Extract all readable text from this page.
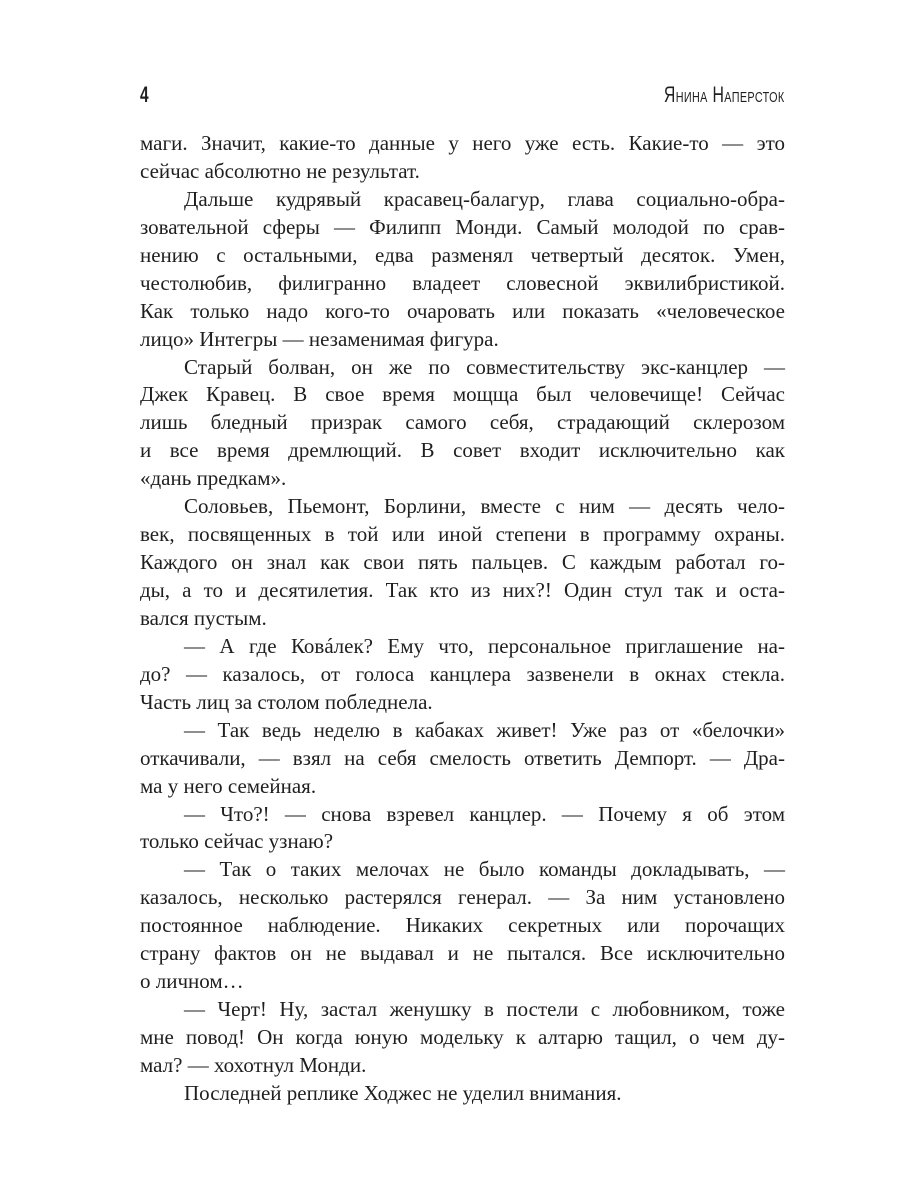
4	Янина Наперсток
маги. Значит, какие-то данные у него уже есть. Какие-то — это
сейчас абсолютно не результат.
Дальше кудрявый красавец-балагур, глава социально-обра-
зовательной сферы — Филипп Монди. Самый молодой по срав-
нению с остальными, едва разменял четвертый десяток. Умен,
честолюбив, филигранно владеет словесной эквилибристикой.
Как только надо кого-то очаровать или показать «человеческое
лицо» Интегры — незаменимая фигура.
Старый болван, он же по совместительству экс-канцлер —
Джек Кравец. В свое время мощща был человечище! Сейчас
лишь бледный призрак самого себя, страдающий склерозом
и все время дремлющий. В совет входит исключительно как
«дань предкам».
Соловьев, Пьемонт, Борлини, вместе с ним — десять чело-
век, посвященных в той или иной степени в программу охраны.
Каждого он знал как свои пять пальцев. С каждым работал го-
ды, а то и десятилетия. Так кто из них?! Один стул так и оста-
вался пустым.
— А где Ковáлек? Ему что, персональное приглашение на-
до? — казалось, от голоса канцлера зазвенели в окнах стекла.
Часть лиц за столом побледнела.
— Так ведь неделю в кабаках живет! Уже раз от «белочки»
откачивали, — взял на себя смелость ответить Демпорт. — Дра-
ма у него семейная.
— Что?! — снова взревел канцлер. — Почему я об этом
только сейчас узнаю?
— Так о таких мелочах не было команды докладывать, —
казалось, несколько растерялся генерал. — За ним установлено
постоянное наблюдение. Никаких секретных или порочащих
страну фактов он не выдавал и не пытался. Все исключительно
о личном…
— Черт! Ну, застал женушку в постели с любовником, тоже
мне повод! Он когда юную модельку к алтарю тащил, о чем ду-
мал? — хохотнул Монди.
Последней реплике Ходжес не уделил внимания.
